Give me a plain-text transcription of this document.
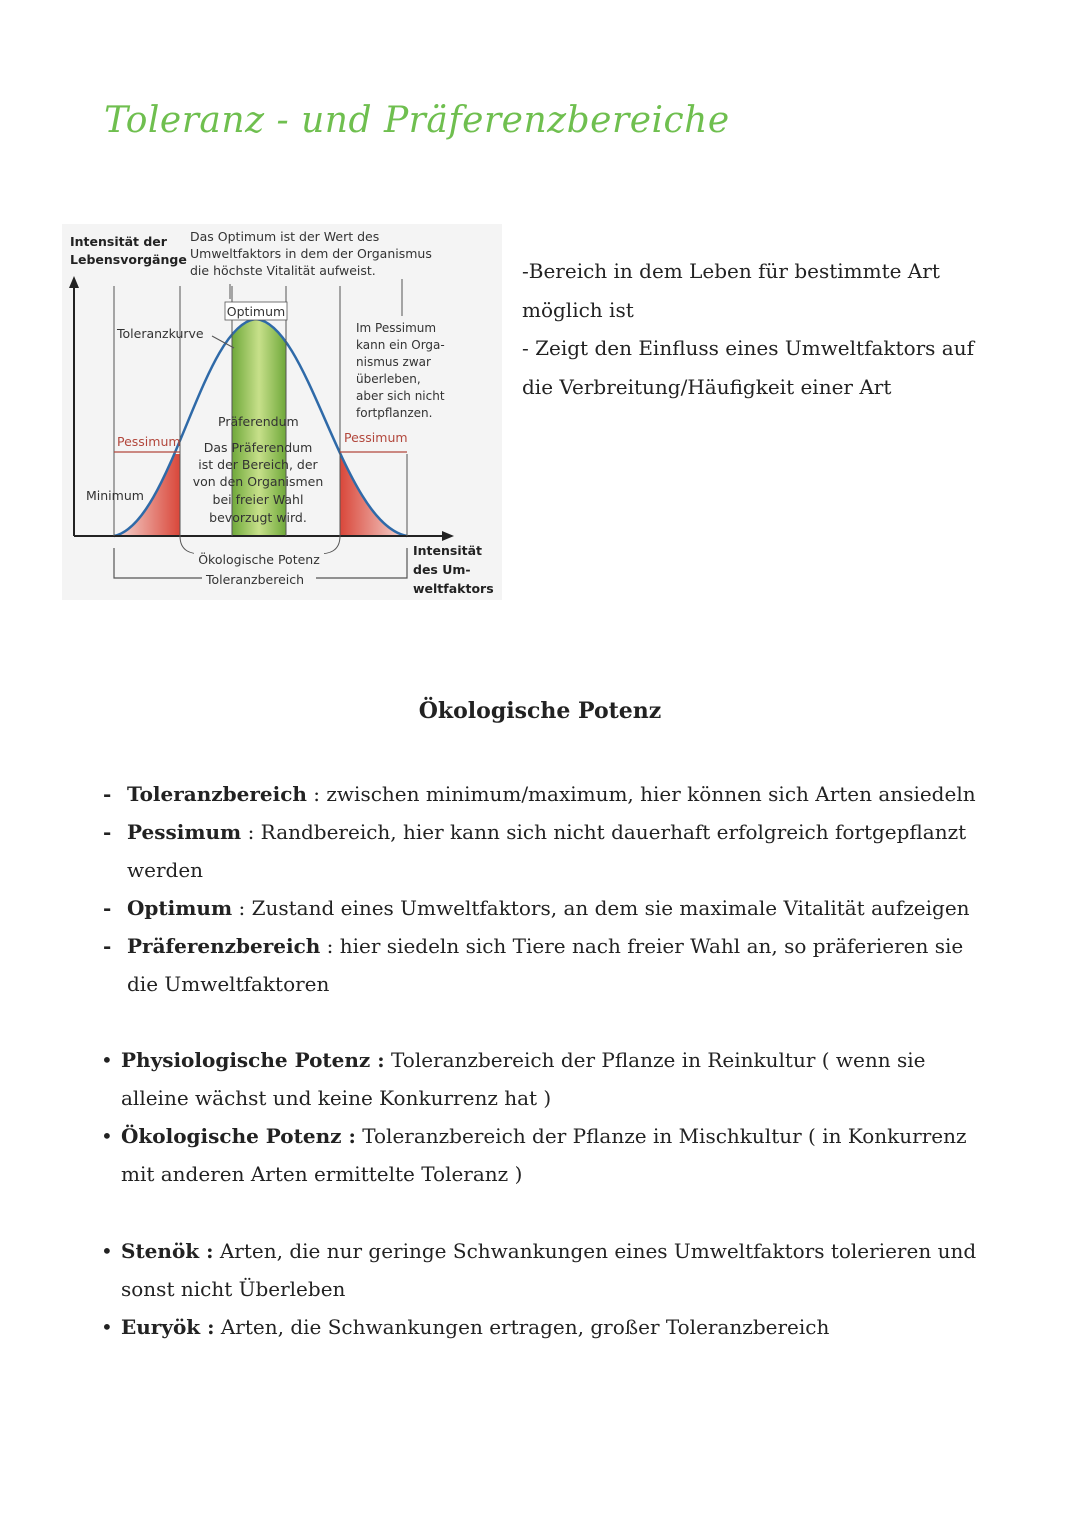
Toleranz - und Präferenzbereiche
Intensität der
Lebensvorgänge
Das Optimum ist der Wert des
Umweltfaktors in dem der Organismus
die höchste Vitalität aufweist.
Optimum
Toleranzkurve	Im Pessimum
kann ein Orga-
nismus zwar
überleben,
aber sich nicht
fortpflanzen.
Präferendum
Das Präferendum
ist der Bereich, der
von den Organismen
bei freier Wahl
bevorzugt wird.
Pessimum	Pessimum
Minimum
Ökologische Potenz
Toleranzbereich
Intensität
des Um-
weltfaktors
-Bereich in dem Leben für bestimmte Art
möglich ist
- Zeigt den Einfluss eines Umweltfaktors auf
die Verbreitung/Häufigkeit einer Art
Ökologische Potenz
- Toleranzbereich : zwischen minimum/maximum, hier können sich Arten ansiedeln
- Pessimum : Randbereich, hier kann sich nicht dauerhaft erfolgreich fortgepflanzt werden
- Optimum : Zustand eines Umweltfaktors, an dem sie maximale Vitalität aufzeigen
- Präferenzbereich : hier siedeln sich Tiere nach freier Wahl an, so präferieren sie die Umweltfaktoren
• Physiologische Potenz : Toleranzbereich der Pflanze in Reinkultur ( wenn sie alleine wächst und keine Konkurrenz hat )
• Ökologische Potenz : Toleranzbereich der Pflanze in Mischkultur ( in Konkurrenz mit anderen Arten ermittelte Toleranz )
• Stenök : Arten, die nur geringe Schwankungen eines Umweltfaktors tolerieren und sonst nicht Überleben
• Euryök : Arten, die Schwankungen ertragen, großer Toleranzbereich
